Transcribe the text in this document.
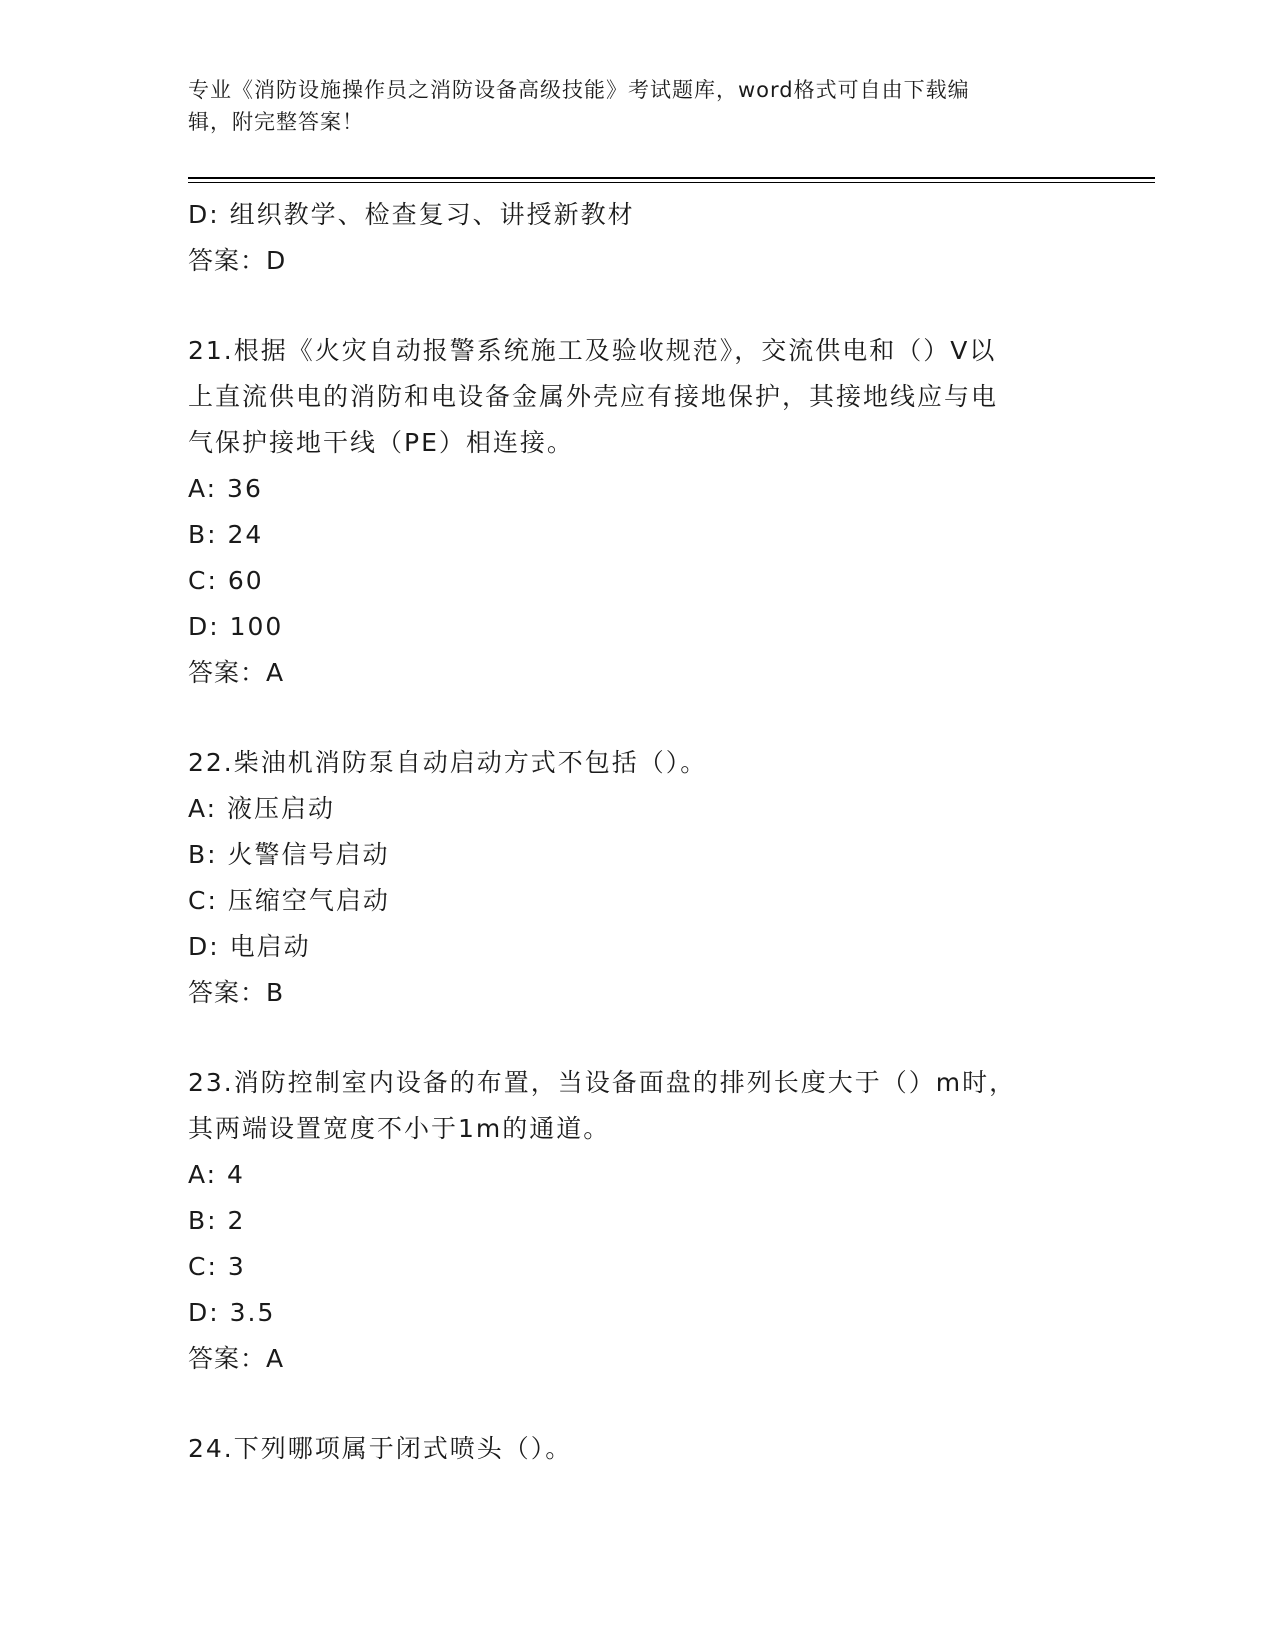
专业《消防设施操作员之消防设备高级技能》考试题库，word格式可自由下载编
辑，附完整答案！
D: 组织教学、检查复习、讲授新教材
答案：D
21.根据《火灾自动报警系统施工及验收规范》，交流供电和（）V以
上直流供电的消防和电设备金属外壳应有接地保护，其接地线应与电
气保护接地干线（PE）相连接。
A: 36
B: 24
C: 60
D: 100
答案：A
22.柴油机消防泵自动启动方式不包括（）。
A: 液压启动
B: 火警信号启动
C: 压缩空气启动
D: 电启动
答案：B
23.消防控制室内设备的布置，当设备面盘的排列长度大于（）m时，
其两端设置宽度不小于1m的通道。
A: 4
B: 2
C: 3
D: 3.5
答案：A
24.下列哪项属于闭式喷头（）。
